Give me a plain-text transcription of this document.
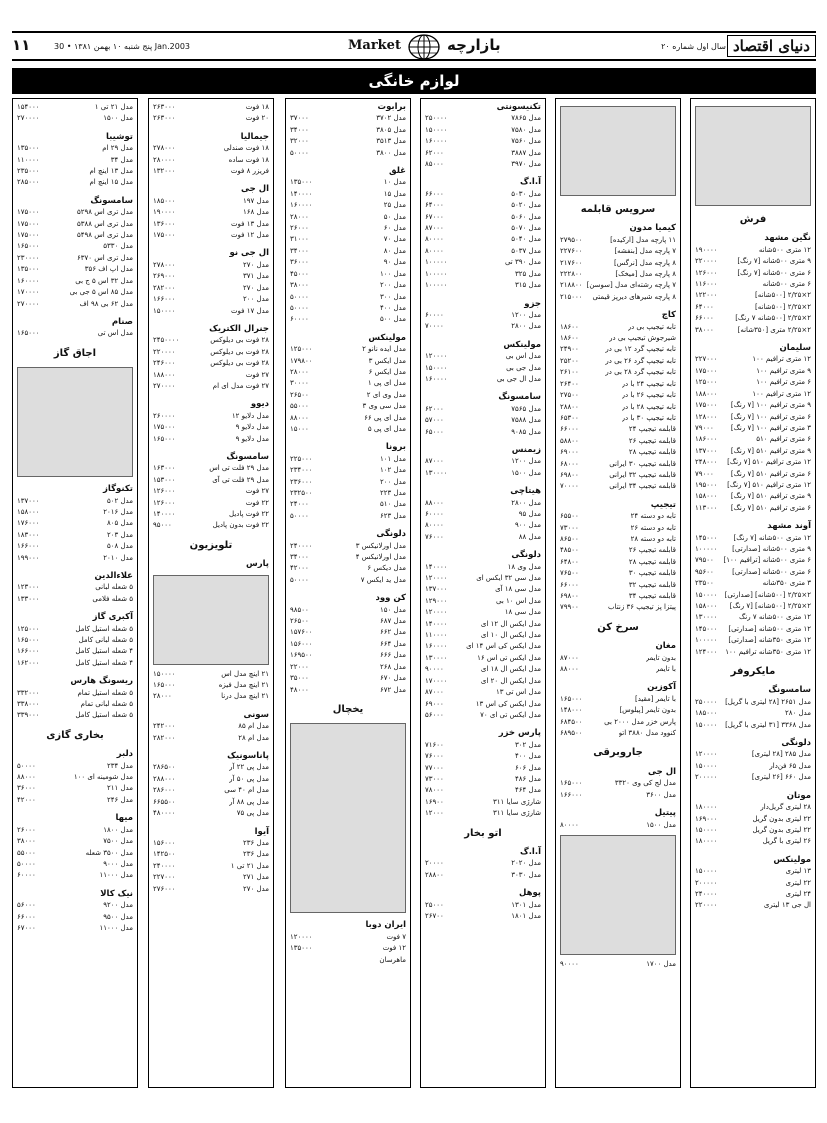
دنیای اقتصاد
سال اول شماره ۲۰
بازارچه
Market
پنج شنبه ۱۰ بهمن ۱۳۸۱ • 30 Jan.2003
۱۱
لوازم خانگی
فرش
نگین مشهد
۱۲ متری ۵۰۰شانه
۱۹۰۰۰۰
۹ متری ۵۰۰شانه [۷ رنگ]
۲۲۰۰۰۰
۶ متری ۵۰۰شانه [۷ رنگ]
۱۲۶۰۰۰
۶ متری ۵۰۰شانه
۱۱۶۰۰۰
۲×۲/۲۵ [۵۰۰شانه]
۱۲۲۰۰۰
۲×۲/۲۵ [۵۰۰شانه]
۶۴۰۰۰
۲×۲/۲۵ [۵۰۰شانه ۷ رنگ]
۶۶۰۰۰
۲×۲/۲۵ متری [۳۵۰شانه]
۳۸۰۰۰
سلیمان
۱۲ متری ترافیم ۱۰۰
۲۲۷۰۰۰
۹ متری ترافیم ۱۰۰
۱۷۵۰۰۰
۶ متری ترافیم ۱۰۰
۱۲۵۰۰۰
۱۲ متری ترافیم ۱۰۰
۱۸۸۰۰۰
۹ متری ترافیم ۱۰۰ [۷ رنگ]
۱۷۵۰۰۰
۶ متری ترافیم ۱۰۰ [۷ رنگ]
۱۲۸۰۰۰
۳ متری ترافیم ۱۰۰ [۷ رنگ]
۷۹۰۰۰
۶ متری ترافیم ۵۱۰
۱۸۶۰۰۰
۹ متری ترافیم ۵۱۰ [۷ رنگ]
۱۳۷۰۰۰
۱۲ متری ترافیم ۵۱۰ [۷ رنگ]
۲۴۸۰۰۰
۶ متری ترافیم ۵۱۰ [۷ رنگ]
۷۹۰۰۰
۱۲ متری ترافیم ۵۱۰ [۷ رنگ]
۱۹۵۰۰۰
۹ متری ترافیم ۵۱۰ [۷ رنگ]
۱۵۸۰۰۰
۶ متری ترافیم ۵۱۰ [۷ رنگ]
۱۱۳۰۰۰
آوند مشهد
۱۲ متری ۵۰۰شانه [۷ رنگ]
۱۴۵۰۰۰
۹ متری ۵۰۰شانه [صدارتی]
۱۰۰۰۰۰
۶ متری ۵۰۰شانه [ترافیم ۱۰۰]
۷۹۵۰۰
۶ متری ۵۰۰شانه [صدارتی]
۹۵۶۰۰
۳ متری ۳۵۰شانه
۲۳۵۰۰
۲×۲/۲۵ [۵۰۰شانه] [صدارتی]
۱۵۰۰۰۰
۲×۲/۲۵ [۵۰۰شانه] [۷ رنگ]
۱۵۸۰۰۰
۱۲ متری ۵۰۰شانه ۷ رنگ
۱۳۰۰۰۰
۱۲ متری ۵۰۰شانه [صدارتی]
۱۴۵۰۰۰
۱۲ متری ۳۵۰شانه [صدارتی]
۱۰۰۰۰۰
۱۲ متری ۳۵۰شانه ترافیم ۱۰۰
۱۲۴۰۰۰
مایکروفر
سامسونگ
مدل ۲۶۵۱ [۲۸ لیتری با گریل]
۲۵۰۰۰۰
مدل ۲۸۰
۱۸۵۰۰۰
مدل ۳۳۶۸ [۳۱ لیتری با گریل]
۱۵۰۰۰۰
دلونگی
مدل ۲۸۵ [۲۸ لیتری]
۱۲۰۰۰۰
مدل ۶۵ فن‌دار
۱۵۰۰۰۰
مدل ۶۶۰ [۲۶ لیتری]
۲۰۰۰۰۰
موتان
۲۸ لیتری گریل‌دار
۱۸۰۰۰۰
۲۲ لیتری بدون گریل
۱۶۹۰۰۰
۲۲ لیتری بدون گریل
۱۵۰۰۰۰
۲۶ لیتری با گریل
۱۸۰۰۰۰
مولینکس
۱۳ لیتری
۱۵۰۰۰۰
۲۲ لیتری
۲۰۰۰۰۰
۲۴ لیتری
۲۴۰۰۰۰
ال جی ۱۳ لیتری
۲۲۰۰۰۰
سرویس قابلمه
کیمیا مدون
۱۱ پارچه مدل [ارکیده]
۲۷۹۵۰۰
۷ پارچه مدل [بنفشه]
۲۲۷۶۰۰
۸ پارچه مدل [نرگس]
۲۱۷۶۰۰
۸ پارچه مدل [میخک]
۲۲۲۸۰۰
۷ پارچه رشته‌ای مدل [سوسن]
۲۱۸۸۰۰
۸ پارچه شیرهای دیرپز قیمتی
۲۱۵۰۰۰
کاچ
تابه تیجیپ بی در
۱۸۶۰۰
شیرجوش تیجیپ بی در
۱۸۶۰۰
تابه تیجیپ گرد ۱۲ بی در
۲۴۹۰۰
تابه تیجیپ گرد ۲۶ بی در
۲۵۲۰۰
تابه تیجیپ گرد ۲۸ بی در
۲۶۱۰۰
تابه تیجیپ ۲۴ با در
۲۶۴۰۰
تابه تیجیپ ۲۶ با در
۲۷۵۰۰
تابه تیجیپ ۲۸ با در
۲۸۸۰۰
تابه تیجیپ ۳۰ با در
۶۵۳۰۰
قابلمه تیجیپ ۲۴
۶۶۰۰۰
قابلمه تیجیپ ۲۶
۵۸۸۰۰
قابلمه تیجیپ ۲۸
۶۹۰۰۰
قابلمه تیجیپ ۳۰ ایرانی
۶۸۰۰۰
قابلمه تیجیپ ۳۲ ایرانی
۶۹۸۰۰
قابلمه تیجیپ ۳۴ ایرانی
۷۰۰۰۰
تیجیپ
تابه دو دسته ۲۴
۶۵۵۰۰
تابه دو دسته ۲۶
۷۳۰۰۰
تابه دو دسته ۲۸
۸۶۵۰۰
قابلمه تیجیپ ۲۶
۴۸۵۰۰
قابلمه تیجیپ ۲۸
۶۴۸۰۰
قابلمه تیجیپ ۳۰
۷۶۵۰۰
قابلمه تیجیپ ۳۲
۶۶۰۰۰
قابلمه تیجیپ ۳۴
۶۹۸۰۰
پیتزا پز تیجیپ ۳۶ زنتاب
۷۹۹۰۰
سرخ کن
مغان
بدون تایمر
۸۷۰۰۰
با تایمر
۸۸۰۰۰
آکوزین
با تایمر [مقید]
۱۶۵۰۰۰
بدون تایمر [پیلوس]
۱۴۸۰۰۰
پارس خزر مدل ۲۰۰۰ بی
۶۸۴۵۰۰
کنوود مدل ۳۸۸۰ اتو
۶۸۹۵۰۰
جاروبرقی
ال جی
مدل لج کی وی ۳۳۲۰
۱۶۵۰۰۰
مدل ۳۶۰۰
۱۶۶۰۰۰
پیتیل
مدل ۱۵۰۰
۸۰۰۰۰
مدل ۱۷۰۰
۹۰۰۰۰
تکنیسونتی
مدل ۷۸۶۵
۲۵۰۰۰۰
مدل ۷۵۸۰
۱۵۰۰۰۰
مدل ۷۵۶۰
۱۶۰۰۰۰
مدل ۳۸۸۷
۶۲۰۰۰
مدل ۳۹۷۰
۸۵۰۰۰
آ.ا.گ
مدل ۵۰۳۰
۶۶۰۰۰
مدل ۵۰۲۰
۶۴۰۰۰
مدل ۵۰۶۰
۶۷۰۰۰
مدل ۵۰۷۰
۸۷۰۰۰
مدل ۵۰۴۰
۸۰۰۰۰
مدل ۵۰۳۷
۸۰۰۰۰
مدل ۳۹۰ تی
۱۰۰۰۰۰
مدل ۳۲۵
۱۰۰۰۰۰
مدل ۳۱۵
۱۰۰۰۰۰
جزو
مدل ۱۲۰۰
۶۰۰۰۰
مدل ۲۸۰۰
۷۰۰۰۰
مولینکس
مدل اس بی
۱۲۰۰۰۰
مدل جی بی
۱۵۰۰۰۰
مدل ال جی بی
۱۶۰۰۰۰
سامسونگ
مدل ۷۵۶۵
۶۲۰۰۰
مدل ۷۵۸۸
۵۷۰۰۰
مدل ۹۰۸۵
۶۵۰۰۰
زیمنس
مدل ۱۲۰۰
۸۷۰۰۰
مدل ۱۵۰۰
۱۳۰۰۰۰
هیتاچی
مدل ۲۸۰۰
۸۸۰۰۰
مدل ۹۵
۶۰۰۰۰
مدل ۹۰۰
۸۰۰۰۰
مدل ۸۸
۷۶۰۰۰
دلونگی
مدل وی ۱۸
۱۴۰۰۰۰
مدل سی ۳۲ ایکس ای
۱۲۰۰۰۰
مدل سی ۱۸ آی
۱۳۷۰۰۰
مدل اس ۱۰ بی
۱۲۹۰۰۰
مدل سی ۱۸
۱۲۰۰۰۰
مدل ایکس ال ۱۲ ای
۱۴۰۰۰۰
مدل ایکس ال ۱۰ ای
۱۱۰۰۰۰
مدل ایکس کی اس ۱۴ ای
۱۶۰۰۰۰
مدل ایکس تی اس ۱۶
۱۳۰۰۰۰
مدل ایکس ال ۱۸ ای
۹۰۰۰۰
مدل ایکس ال ۲۰ ای
۱۷۰۰۰۰
مدل اس تی ۱۳
۸۷۰۰۰
مدل ایکس کی اس ۱۳
۶۹۰۰۰
مدل ایکس تی ای ۷۰
۵۶۰۰۰
پارس خزر
مدل ۳۰۲
۷۱۶۰۰
مدل ۴۰۰
۷۶۰۰۰
مدل ۶۰۶
۷۷۰۰۰
مدل ۴۸۶
۷۳۰۰۰
مدل ۴۶۴
۷۸۰۰۰
شارژی سایا ۳۱۱
۱۶۹۰۰
شارژی سایا ۳۱۱
۱۲۰۰۰
اتو بخار
آ.ا.گ
مدل ۲۰۲۰
۲۰۰۰۰
مدل ۳۰۳۰
۲۸۸۰۰
پوهل
مدل ۱۳۰۱
۲۵۰۰۰
مدل ۱۸۰۱
۲۶۷۰۰
برابوت
مدل ۳۷۰۲
۳۷۰۰۰
مدل ۳۸۰۵
۳۴۰۰۰
مدل ۳۵۱۳
۳۲۰۰۰
مدل ۳۸۰۰
۵۰۰۰۰
غلق
مدل ۱۰
۱۳۵۰۰۰
مدل ۱۵
۱۴۰۰۰۰
مدل ۲۵
۱۶۰۰۰۰
مدل ۵۰
۲۸۰۰۰
مدل ۶۰
۲۶۰۰۰
مدل ۷۰
۳۱۰۰۰
مدل ۸۰
۳۴۰۰۰
مدل ۹۰
۳۶۰۰۰
مدل ۱۰۰
۴۵۰۰۰
مدل ۲۰۰
۳۸۰۰۰
مدل ۳۰۰
۵۰۰۰۰
مدل ۴۰۰
۵۰۰۰۰
مدل ۵۰۰
۶۰۰۰۰
مولینکس
مدل ایده نانو ۲
۱۲۵۰۰۰
مدل ایکس ۳
۱۷۹۸۰۰
مدل ایکس ۶
۲۸۰۰۰
مدل ای پی ۱
۳۰۰۰۰
مدل وی ای ۲
۲۶۵۰۰
مدل سی وی ۳
۵۵۰۰۰
مدل ای پی ۶۶
۸۸۰۰۰
مدل ای پی ۵
۱۵۰۰۰
برونا
مدل ۱۰۱
۲۲۵۰۰۰
مدل ۱۰۲
۲۳۴۰۰۰
مدل ۲۰۰
۲۳۶۰۰۰
مدل ۲۲۳
۲۳۲۵۰۰
مدل ۵۱۰
۲۴۰۰۰
مدل ۶۲۳
۵۰۰۰۰
دلونگی
مدل اورلانیکس ۳
۲۴۰۰۰۰
مدل اورلانیکس ۴
۳۴۰۰۰
مدل دیکس ۶
۴۲۰۰۰
مدل ید ایکس ۷
۵۰۰۰۰
کن وود
مدل ۱۵۰
۹۸۵۰۰
مدل ۶۸۷
۲۶۵۰۰
مدل ۶۶۲
۱۵۷۶۰۰
مدل ۶۶۴
۱۵۶۰۰۰
مدل ۶۶۶
۱۶۹۵۰۰
مدل ۲۶۸
۲۲۰۰۰
مدل ۶۷۰
۳۵۰۰۰
مدل ۶۷۲
۴۸۰۰۰
یخچال
ایران دوبا
۷ فوت
۱۲۰۰۰۰
۱۲ فوت
۱۳۵۰۰۰
ماهرسان
۱۸ فوت
۲۶۳۰۰۰
۲۰ فوت
۲۶۳۰۰۰
جیمالیا
۱۸ فوت صندلی
۲۷۸۰۰۰
۱۸ فوت ساده
۲۸۰۰۰۰
فریزر ۸ فوت
۱۳۲۰۰۰
ال جی
مدل ۱۹۷
۱۸۵۰۰۰
مدل ۱۶۸
۱۹۰۰۰۰
مدل ۱۳ فوت
۱۳۶۰۰۰
مدل ۱۲ فوت
۱۷۵۰۰۰
ال جی نو
مدل ۲۷۰
۲۷۸۰۰۰
مدل ۳۷۱
۲۶۹۰۰۰
مدل ۲۷۰
۲۸۲۰۰۰
مدل ۲۰۰
۱۶۶۰۰۰
مدل ۱۷ فوت
۱۵۰۰۰۰
جنرال الکتریک
۲۸ فوت بی دیلوکس
۲۴۵۰۰۰۰
۲۸ فوت بی دیلوکس
۲۲۰۰۰۰
۲۸ فوت بی دیلوکس
۲۴۶۰۰۰
۲۷ فوت
۱۸۸۰۰۰
۲۷ فوت مدل ای ام
۲۷۰۰۰۰
دیوو
مدل دلایو ۱۲
۲۶۰۰۰۰
مدل دلایو ۹
۱۷۵۰۰۰
مدل دلایو ۹
۱۶۵۰۰۰
سامسونگ
مدل ۲۹ فلت تی اس
۱۶۳۰۰۰
مدل ۲۹ فلت تی آی
۱۵۳۰۰۰
۲۷ فوت
۱۲۶۰۰۰
۲۲ فوت
۱۲۶۰۰۰
۲۲ فوت پادیل
۱۴۰۰۰۰
۲۲ فوت بدون پادیل
۹۵۰۰۰
تلویزیون
پارس
۲۱ اینچ مدل اس
۱۵۰۰۰۰
۲۱ اینچ مدل فیزه
۱۶۵۰۰۰
۲۱ اینچ مدل درنا
۲۸۰۰۰
سونی
مدل ام ۸۵
۲۴۲۰۰۰
مدل ام ۲۸
۲۸۲۰۰۰
پاناسونیک
مدل پی ۲۲ آر
۲۸۶۵۰۰
مدل پی ۵۰ آر
۲۸۸۰۰۰
مدل ام ۴۰ سی
۲۸۶۰۰۰
مدل پی ۸۸ آر
۶۶۵۵۰۰
مدل پی ۷۵
۴۸۰۰۰۰
آیوا
مدل ۲۳۶
۱۵۶۰۰۰
مدل ۲۳۶
۱۴۲۵۰۰
مدل ۲۱ تی ۱
۲۴۰۰۰۰
مدل ۲۷۱
۲۲۷۰۰۰
مدل ۲۷۰
۲۷۶۰۰۰
مدل ۲۱ تی ۱
۱۵۴۰۰۰
مدل ۱۵۰۰
۲۷۰۰۰۰
توشیبا
مدل ۲۹ ام
۱۳۵۰۰۰
مدل ۳۴
۱۱۰۰۰۰
مدل ۱۳ اینچ ام
۲۳۵۰۰۰
مدل ۱۵ اینچ ام
۲۸۵۰۰۰
سامسونگ
مدل تری ‌اس ۵۲۹۸
۱۷۵۰۰۰
مدل تری ‌اس ۵۳۸۸
۱۷۵۰۰۰
مدل تری ‌اس ۵۴۹۸
۱۷۵۰۰۰
مدل ۵۳۳۰
۱۶۵۰۰۰
مدل تری ‌اس ۶۳۷۰
۲۳۰۰۰۰
مدل اپ اف ۳۵۶
۱۳۵۰۰۰
مدل ۳۲ اس ۵ ج بی
۱۶۰۰۰۰
مدل ۸۵ اس ۵ جی بی
۱۷۰۰۰۰
مدل ۶۲ بی ۹۸ اف
۲۷۰۰۰۰
صنام
مدل اس تی
۱۶۵۰۰۰
اجاق گاز
تکنوگاز
مدل ۵۰۲
۱۳۷۰۰۰
مدل ۲۰۱۶
۱۵۸۰۰۰
مدل ۸۰۵
۱۷۶۰۰۰
مدل ۲۰۳
۱۸۳۰۰۰
مدل ۵۰۸
۱۶۶۰۰۰
مدل ۲۰۱۰
۱۹۹۰۰۰
علاءالدین
۵ شعله لبانی
۱۲۳۰۰۰
۵ شعله فلامی
۱۳۳۰۰۰
آکبری گاز
۵ شعله استیل کامل
۱۲۵۰۰۰
۵ شعله لبانی کامل
۱۶۵۰۰۰
۴ شعله استیل کامل
۱۶۶۰۰۰
۴ شعله استیل کامل
۱۶۲۰۰۰
ریسونگ هارس
۵ شعله استیل تمام
۳۳۲۰۰۰
۵ شعله لبانی تمام
۳۳۸۰۰۰
۵ شعله استیل کامل
۳۳۹۰۰۰
بخاری گازی
دلبر
مدل ۲۳۴
۵۰۰۰۰
مدل شومینه ای ۱۰۰
۸۸۰۰۰
مدل ۲۱۱
۳۶۰۰۰
مدل ۲۴۶
۴۲۰۰۰
میها
مدل ۱۸۰۰
۲۶۰۰۰
مدل ۷۵۰۰
۳۸۰۰۰
مدل ۳۵۰۰ شعله
۵۵۰۰۰
مدل ۹۰۰۰
۵۰۰۰۰
مدل ۱۱۰۰۰
۶۰۰۰۰
نیک کالا
مدل ۹۲۰۰
۵۶۰۰۰
مدل ۹۵۰۰
۶۶۰۰۰
مدل ۱۱۰۰۰
۶۷۰۰۰
